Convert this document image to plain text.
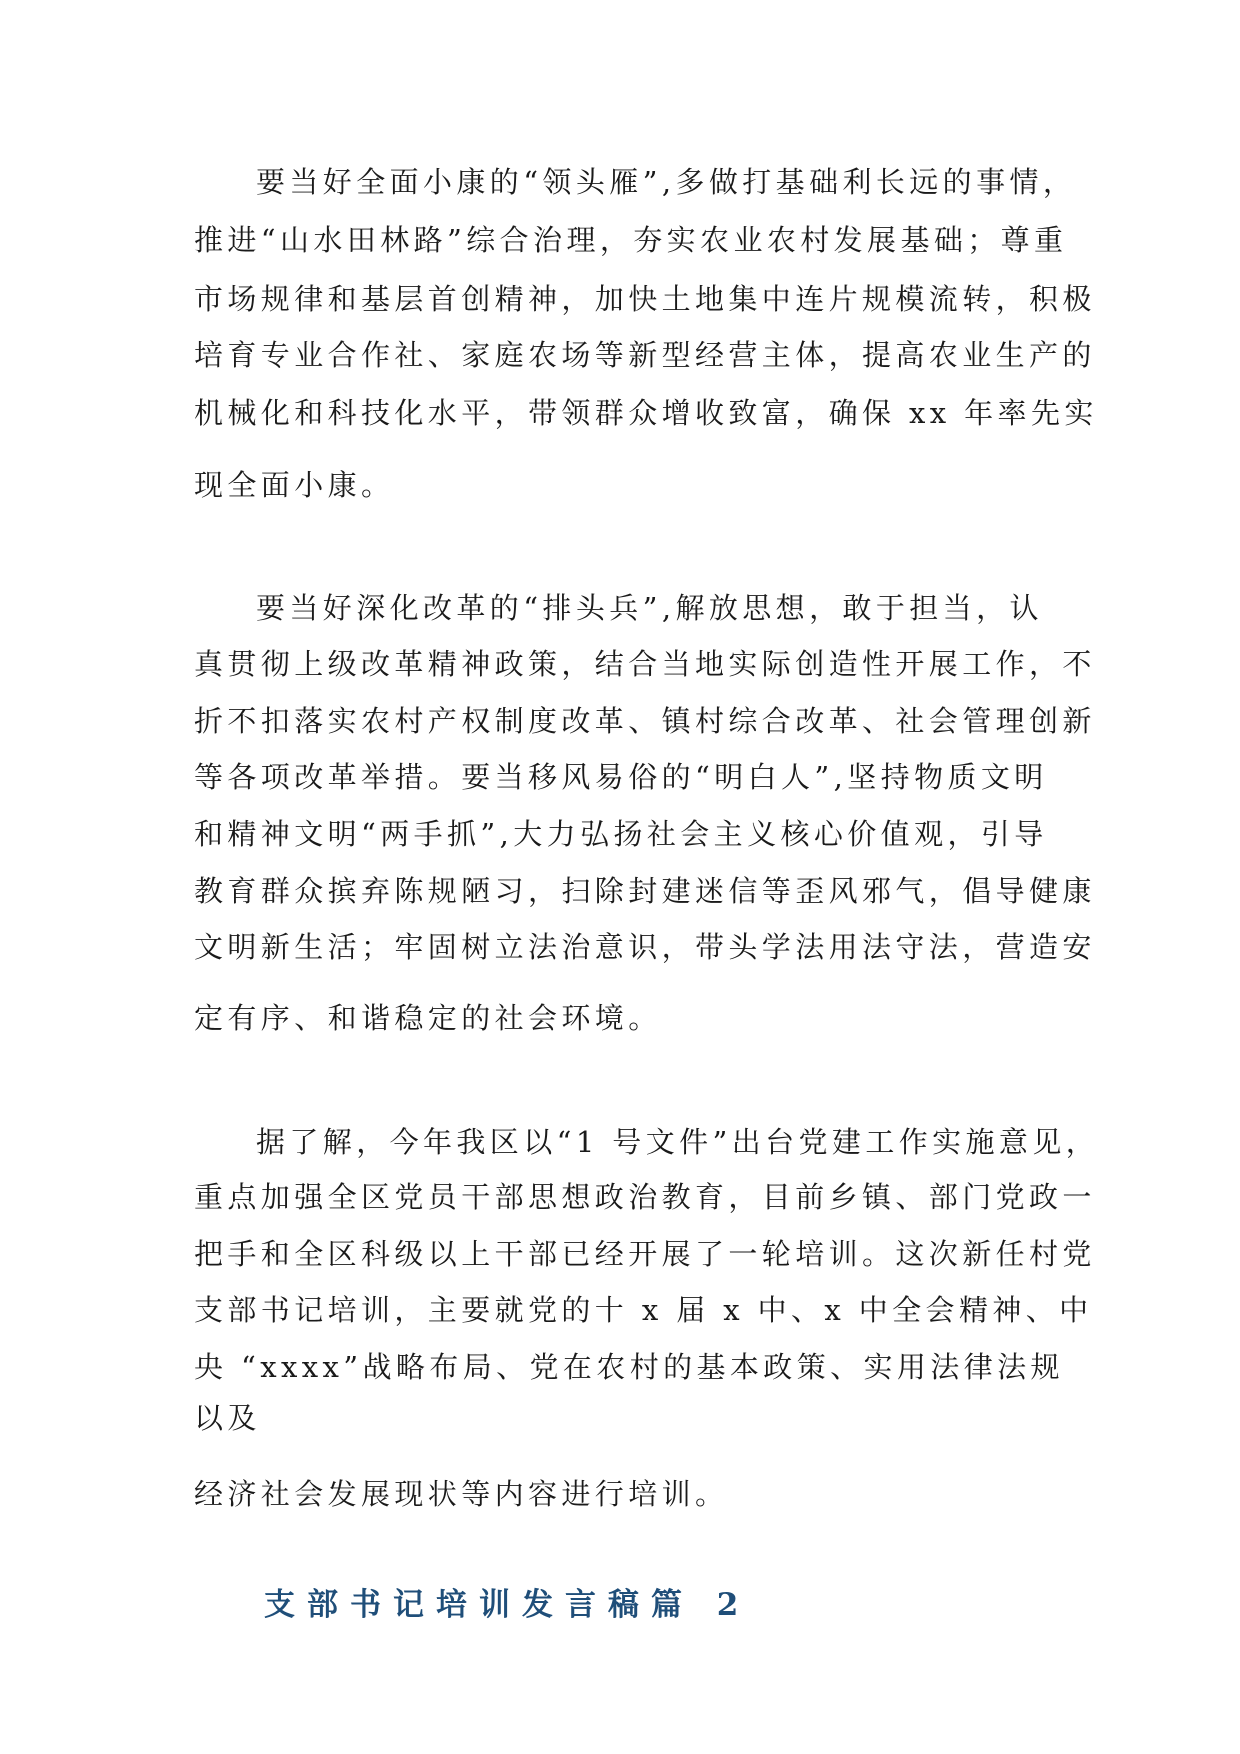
要当好全面小康的“领头雁”,多做打基础利长远的事情，
推进“山水田林路”综合治理，夯实农业农村发展基础；尊重
市场规律和基层首创精神，加快土地集中连片规模流转，积极
培育专业合作社、家庭农场等新型经营主体，提高农业生产的
机械化和科技化水平，带领群众增收致富，确保 xx 年率先实
现全面小康。
要当好深化改革的“排头兵”,解放思想，敢于担当，认
真贯彻上级改革精神政策，结合当地实际创造性开展工作，不
折不扣落实农村产权制度改革、镇村综合改革、社会管理创新
等各项改革举措。要当移风易俗的“明白人”,坚持物质文明
和精神文明“两手抓”,大力弘扬社会主义核心价值观，引导
教育群众摈弃陈规陋习，扫除封建迷信等歪风邪气，倡导健康
文明新生活；牢固树立法治意识，带头学法用法守法，营造安
定有序、和谐稳定的社会环境。
据了解，今年我区以“1 号文件”出台党建工作实施意见，
重点加强全区党员干部思想政治教育，目前乡镇、部门党政一
把手和全区科级以上干部已经开展了一轮培训。这次新任村党
支部书记培训，主要就党的十 x 届 x 中、x 中全会精神、中
央 “xxxx”战略布局、党在农村的基本政策、实用法律法规
以及
经济社会发展现状等内容进行培训。
支部书记培训发言稿篇 2
